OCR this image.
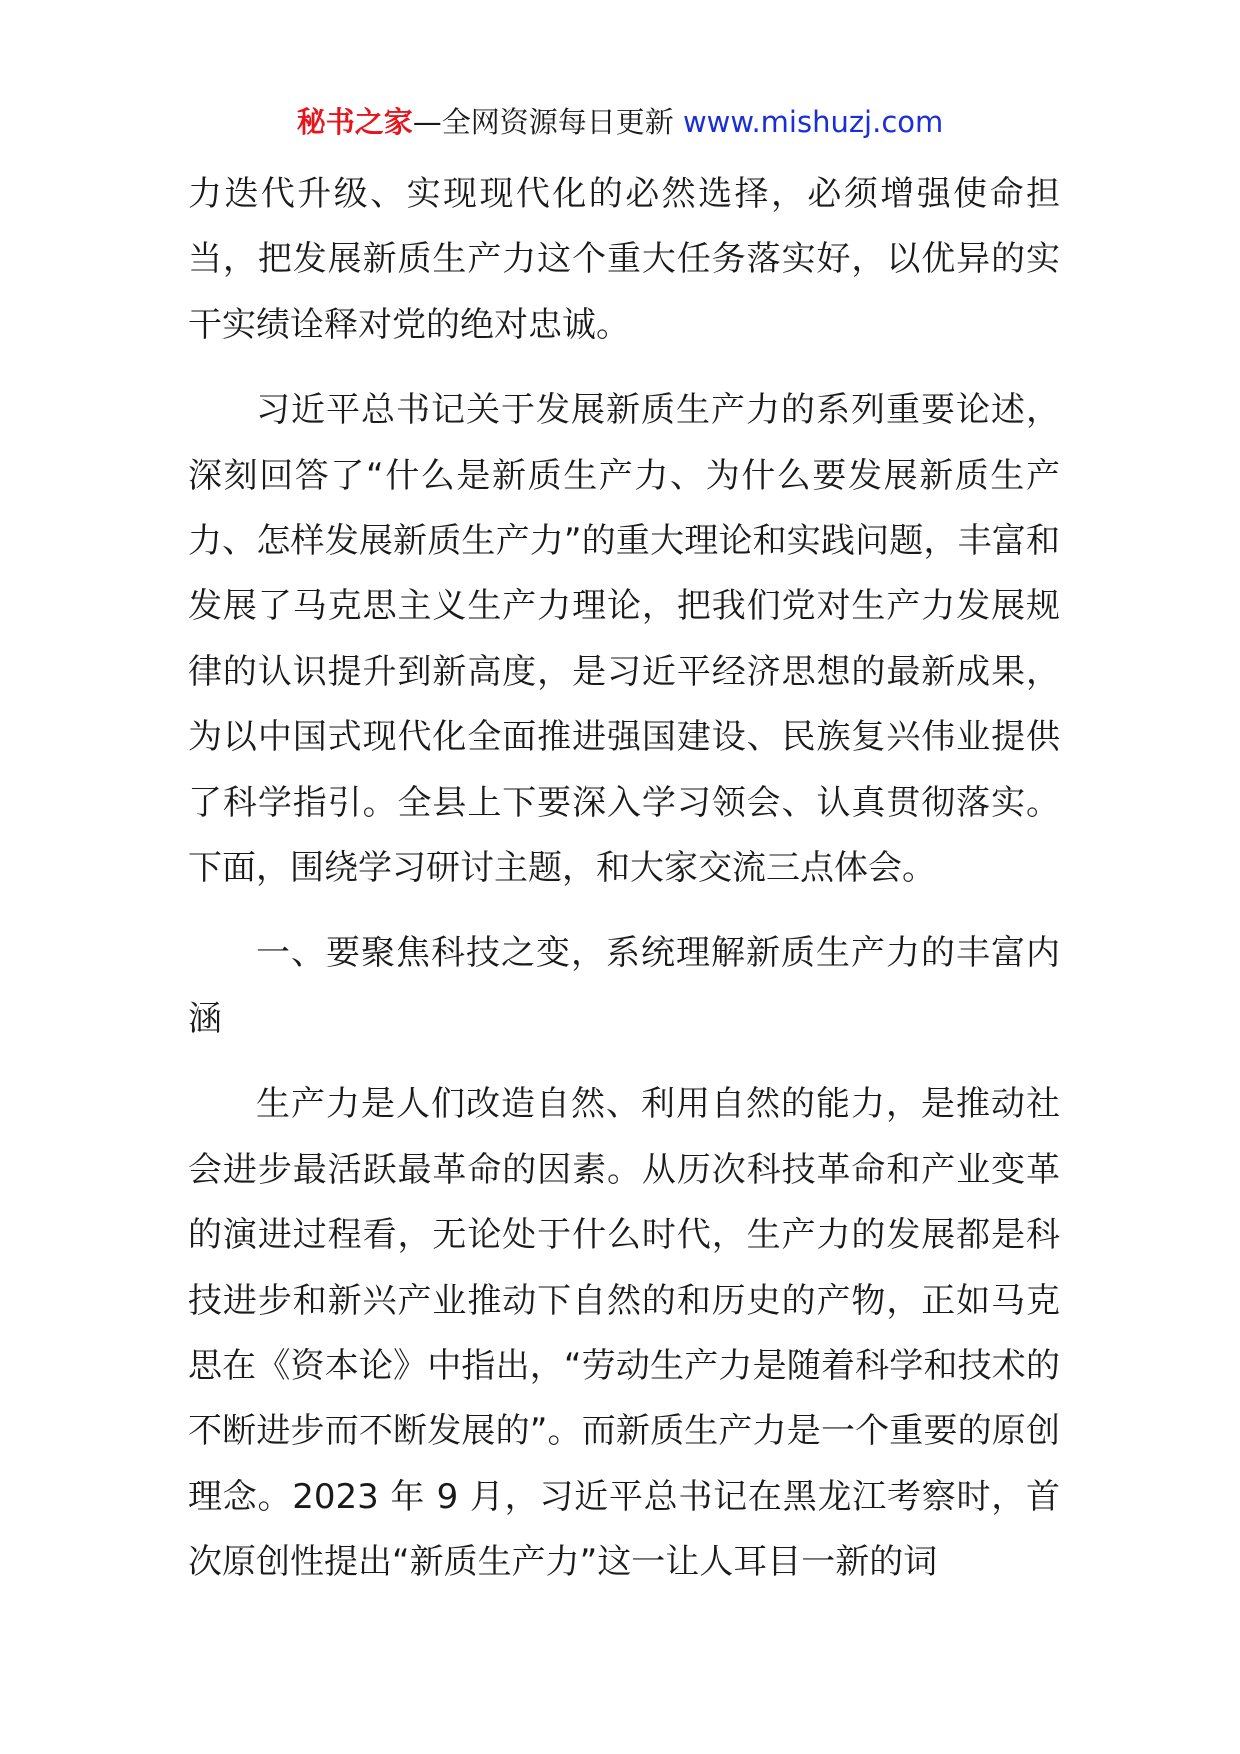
秘书之家—全网资源每日更新 www.mishuzj.com

力迭代升级、实现现代化的必然选择，必须增强使命担当，把发展新质生产力这个重大任务落实好，以优异的实干实绩诠释对党的绝对忠诚。

习近平总书记关于发展新质生产力的系列重要论述，深刻回答了“什么是新质生产力、为什么要发展新质生产力、怎样发展新质生产力”的重大理论和实践问题，丰富和发展了马克思主义生产力理论，把我们党对生产力发展规律的认识提升到新高度，是习近平经济思想的最新成果，为以中国式现代化全面推进强国建设、民族复兴伟业提供了科学指引。全县上下要深入学习领会、认真贯彻落实。下面，围绕学习研讨主题，和大家交流三点体会。

一、要聚焦科技之变，系统理解新质生产力的丰富内涵

生产力是人们改造自然、利用自然的能力，是推动社会进步最活跃最革命的因素。从历次科技革命和产业变革的演进过程看，无论处于什么时代，生产力的发展都是科技进步和新兴产业推动下自然的和历史的产物，正如马克思在《资本论》中指出，“劳动生产力是随着科学和技术的不断进步而不断发展的”。而新质生产力是一个重要的原创理念。2023 年 9 月，习近平总书记在黑龙江考察时，首次原创性提出“新质生产力”这一让人耳目一新的词
